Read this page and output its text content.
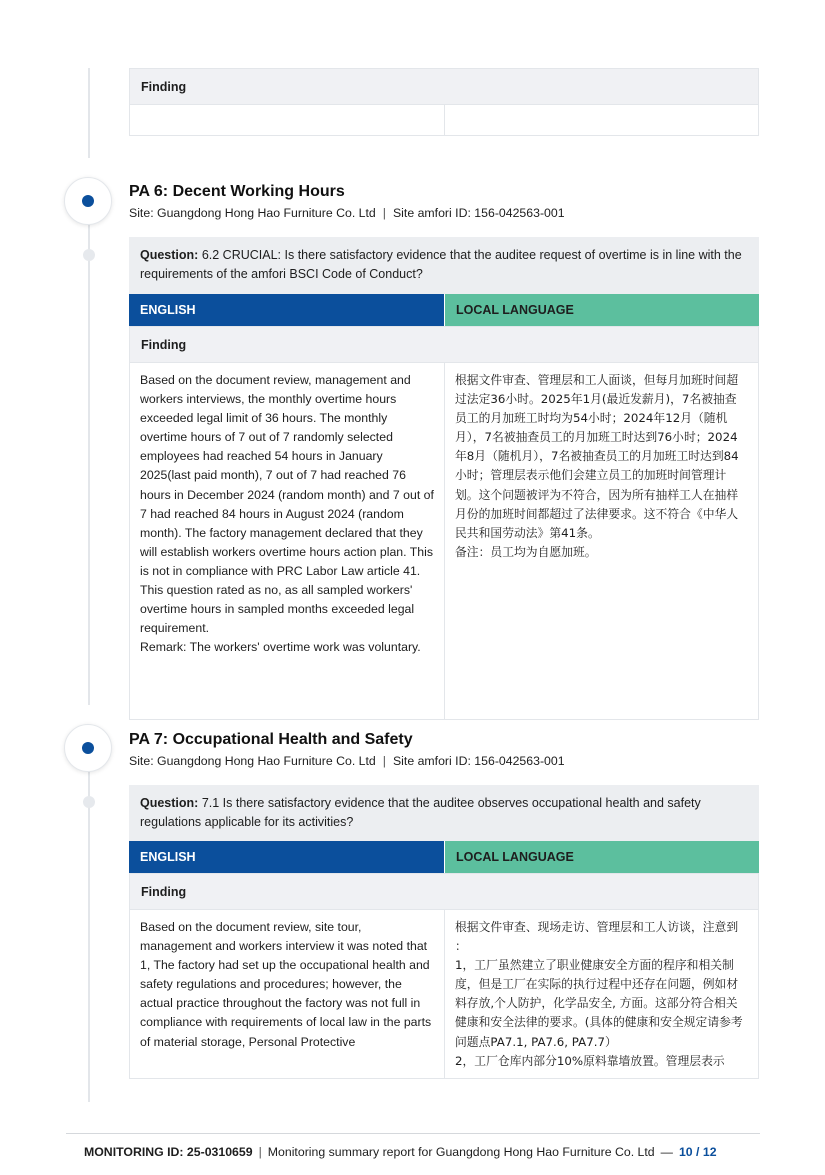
Finding
PA 6: Decent Working Hours
Site: Guangdong Hong Hao Furniture Co. Ltd | Site amfori ID: 156-042563-001
Question: 6.2 CRUCIAL: Is there satisfactory evidence that the auditee request of overtime is in line with the requirements of the amfori BSCI Code of Conduct?
ENGLISH	LOCAL LANGUAGE
Finding
Based on the document review, management and workers interviews, the monthly overtime hours exceeded legal limit of 36 hours. The monthly overtime hours of 7 out of 7 randomly selected employees had reached 54 hours in January 2025(last paid month), 7 out of 7 had reached 76 hours in December 2024 (random month) and 7 out of 7 had reached 84 hours in August 2024 (random month). The factory management declared that they will establish workers overtime hours action plan. This is not in compliance with PRC Labor Law article 41.
This question rated as no, as all sampled workers' overtime hours in sampled months exceeded legal requirement.
Remark: The workers' overtime work was voluntary.
根据文件审查、管理层和工人面谈，但每月加班时间超过法定36小时。2025年1月(最近发薪月)，7名被抽查员工的月加班工时均为54小时；2024年12月（随机月），7名被抽查员工的月加班工时达到76小时；2024年8月（随机月），7名被抽查员工的月加班工时达到84小时；管理层表示他们会建立员工的加班时间管理计划。这个问题被评为不符合，因为所有抽样工人在抽样月份的加班时间都超过了法律要求。这不符合《中华人民共和国劳动法》第41条。
备注：员工均为自愿加班。
PA 7: Occupational Health and Safety
Site: Guangdong Hong Hao Furniture Co. Ltd | Site amfori ID: 156-042563-001
Question: 7.1 Is there satisfactory evidence that the auditee observes occupational health and safety regulations applicable for its activities?
ENGLISH	LOCAL LANGUAGE
Finding
Based on the document review, site tour, management and workers interview it was noted that
1, The factory had set up the occupational health and safety regulations and procedures; however, the actual practice throughout the factory was not full in compliance with requirements of local law in the parts of material storage, Personal Protective
根据文件审查、现场走访、管理层和工人访谈，注意到 ：
1，工厂虽然建立了职业健康安全方面的程序和相关制度，但是工厂在实际的执行过程中还存在问题，例如材料存放,个人防护，化学品安全, 方面。这部分符合相关健康和安全法律的要求。(具体的健康和安全规定请参考问题点PA7.1, PA7.6, PA7.7）
2，工厂仓库内部分10%原料靠墙放置。管理层表示
MONITORING ID: 25-0310659 | Monitoring summary report for Guangdong Hong Hao Furniture Co. Ltd — 10 / 12
